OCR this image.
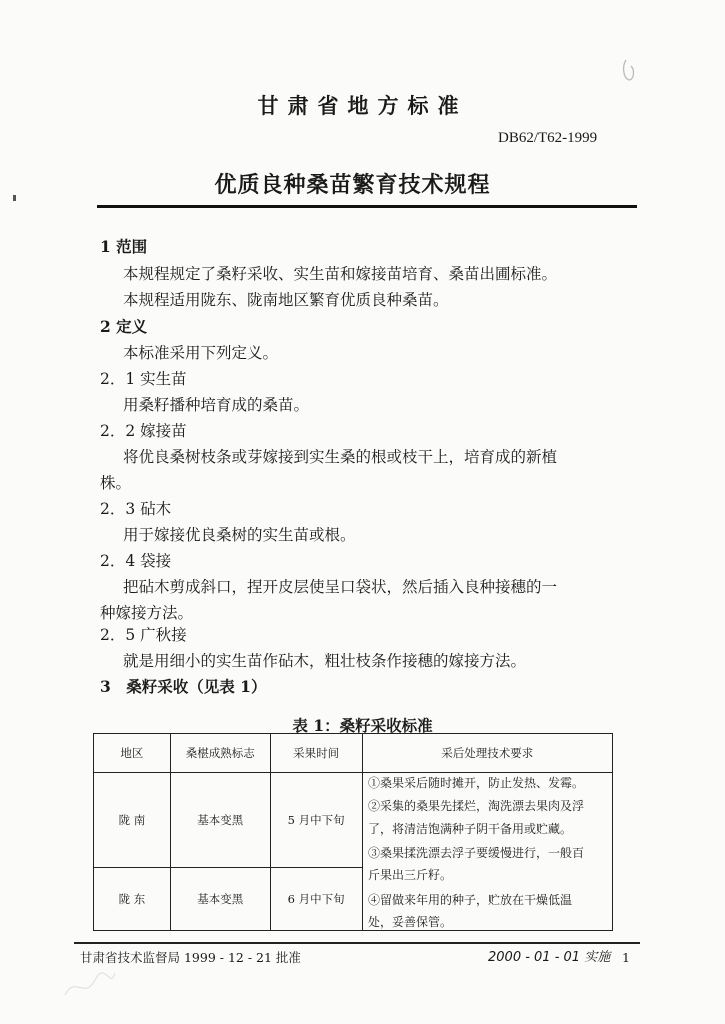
甘肃省地方标准
DB62/T62-1999
优质良种桑苗繁育技术规程
1 范围
本规程规定了桑籽采收、实生苗和嫁接苗培育、桑苗出圃标准。
本规程适用陇东、陇南地区繁育优质良种桑苗。
2 定义
本标准采用下列定义。
2．1 实生苗
用桑籽播种培育成的桑苗。
2．2 嫁接苗
将优良桑树枝条或芽嫁接到实生桑的根或枝干上，培育成的新植
株。
2．3 砧木
用于嫁接优良桑树的实生苗或根。
2．4 袋接
把砧木剪成斜口，捏开皮层使呈口袋状，然后插入良种接穗的一
种嫁接方法。
2．5 广秋接
就是用细小的实生苗作砧木，粗壮枝条作接穗的嫁接方法。
3　桑籽采收（见表 1）
表 1：桑籽采收标准
地区	桑椹成熟标志	采果时间	采后处理技术要求
陇 南	基本变黑	5 月中下旬	
陇 东	基本变黑	6 月中下旬	
①桑果采后随时摊开，防止发热、发霉。
②采集的桑果先揉烂，淘洗漂去果肉及浮
了，将清洁饱满种子阴干备用或贮藏。
③桑果揉洗漂去浮子要缓慢进行，一般百
斤果出三斤籽。
④留做来年用的种子，贮放在干燥低温
处，妥善保管。
甘肃省技术监督局 1999 - 12 - 21 批准	2000 - 01 - 01 实施 1
